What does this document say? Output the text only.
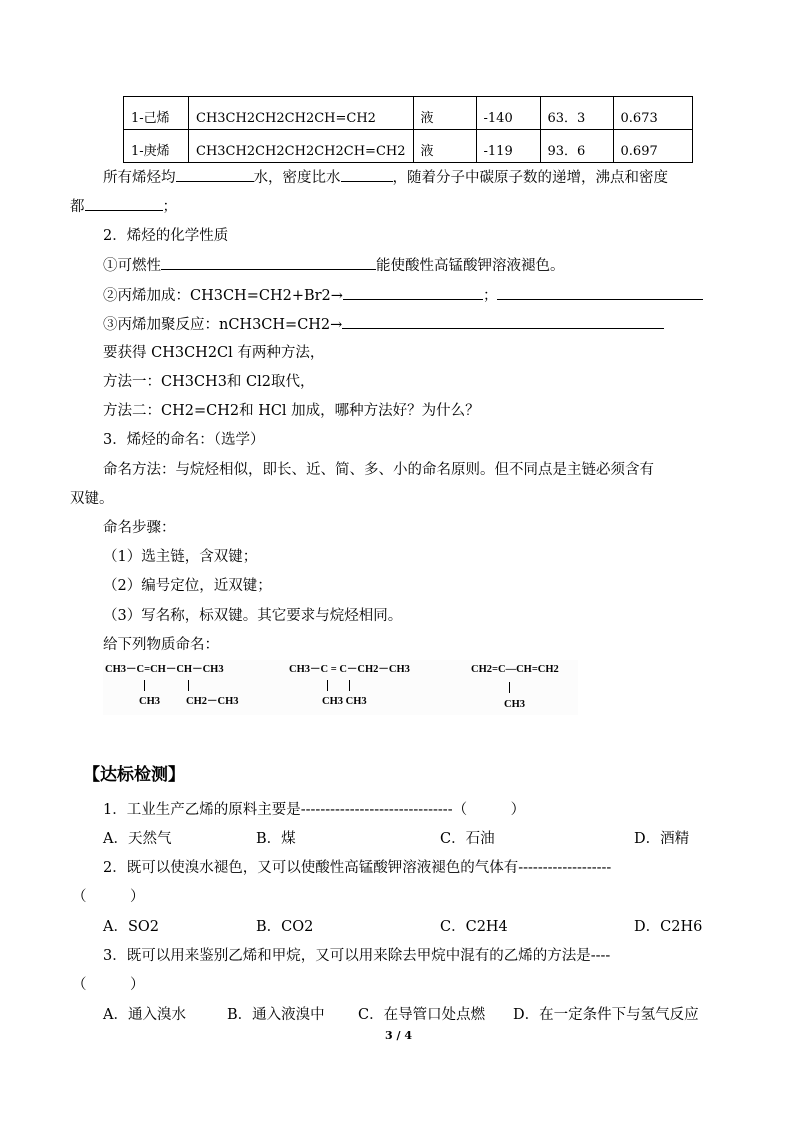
1-己烯	CH3CH2CH2CH2CH=CH2	液	-140	63．3	0.673
1-庚烯	CH3CH2CH2CH2CH2CH=CH2	液	-119	93．6	0.697
所有烯烃均	水，密度比水	，随着分子中碳原子数的递增，沸点和密度
都	；
2．烯烃的化学性质
①可燃性	能使酸性高锰酸钾溶液褪色。
②丙烯加成：CH3CH=CH2+Br2→	；
③丙烯加聚反应：nCH3CH=CH2→
要获得 CH3CH2Cl 有两种方法，
方法一：CH3CH3和 Cl2取代，
方法二：CH2=CH2和 HCl 加成，哪种方法好？为什么？
3．烯烃的命名：（选学）
命名方法：与烷烃相似，即长、近、简、多、小的命名原则。但不同点是主链必须含有
双键。
命名步骤：
（1）选主链，含双键；
（2）编号定位，近双键；
（3）写名称，标双键。其它要求与烷烃相同。
给下列物质命名：
CH3－C=CH－CH－CH3
CH3 CH2－CH3
CH3－C = C－CH2－CH3
CH3 CH3
CH2=C—CH=CH2
CH3
【达标检测】
1．工业生产乙烯的原料主要是-------------------------------（　　　）
A．天然气	B．煤	C．石油	D．酒精
2．既可以使溴水褪色，又可以使酸性高锰酸钾溶液褪色的气体有-------------------
（　　　）
A．SO2	B．CO2	C．C2H4	D．C2H6
3．既可以用来鉴别乙烯和甲烷，又可以用来除去甲烷中混有的乙烯的方法是----
（　　　）
A．通入溴水	B．通入液溴中 C．在导管口处点燃 D．在一定条件下与氢气反应
3 / 4
